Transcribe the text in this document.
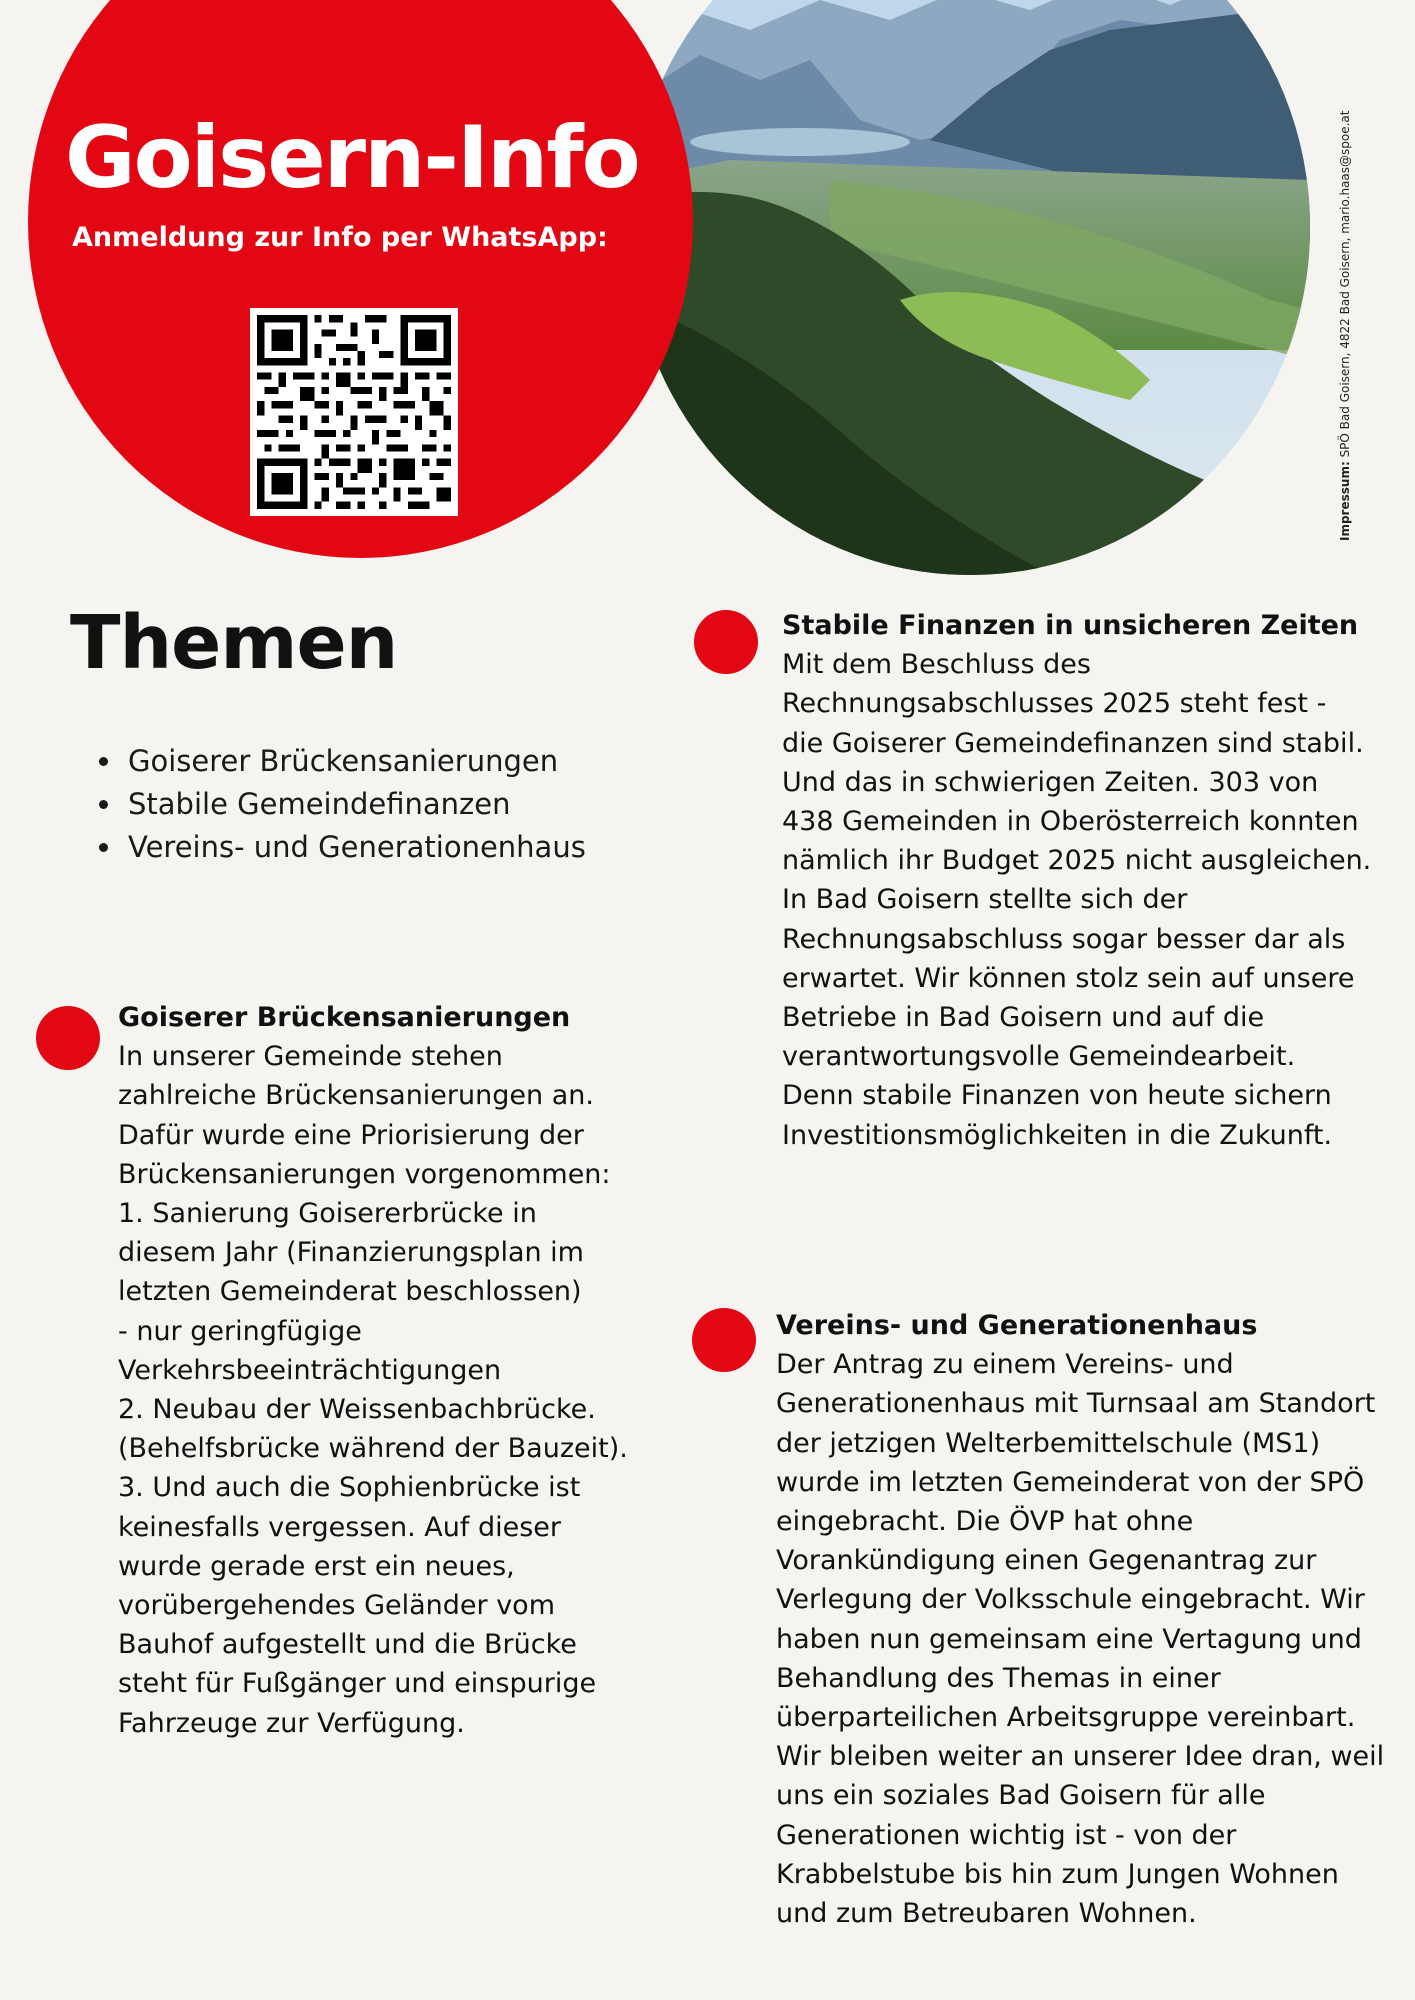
Goisern-Info
Anmeldung zur Info per WhatsApp:
Impressum: SPÖ Bad Goisern, 4822 Bad Goisern, mario.haas@spoe.at
Themen
• Goiserer Brückensanierungen
• Stabile Gemeindefinanzen
• Vereins- und Generationenhaus
Goiserer Brückensanierungen

In unserer Gemeinde stehen zahlreiche Brückensanierungen an. Dafür wurde eine Priorisierung der Brückensanierungen vorgenommen:
1. Sanierung Goisererbrücke in diesem Jahr (Finanzierungsplan im letzten Gemeinderat beschlossen)
- nur geringfügige Verkehrsbeeinträchtigungen
2. Neubau der Weissenbachbrücke. (Behelfsbrücke während der Bauzeit).
3. Und auch die Sophienbrücke ist keinesfalls vergessen. Auf dieser wurde gerade erst ein neues, vorübergehendes Geländer vom Bauhof aufgestellt und die Brücke steht für Fußgänger und einspurige Fahrzeuge zur Verfügung.

Stabile Finanzen in unsicheren Zeiten

Mit dem Beschluss des Rechnungsabschlusses 2025 steht fest - die Goiserer Gemeindefinanzen sind stabil. Und das in schwierigen Zeiten. 303 von 438 Gemeinden in Oberösterreich konnten nämlich ihr Budget 2025 nicht ausgleichen. In Bad Goisern stellte sich der Rechnungsabschluss sogar besser dar als erwartet. Wir können stolz sein auf unsere Betriebe in Bad Goisern und auf die verantwortungsvolle Gemeindearbeit. Denn stabile Finanzen von heute sichern Investitionsmöglichkeiten in die Zukunft.

Vereins- und Generationenhaus

Der Antrag zu einem Vereins- und Generationenhaus mit Turnsaal am Standort der jetzigen Welterbemittelschule (MS1) wurde im letzten Gemeinderat von der SPÖ eingebracht. Die ÖVP hat ohne Vorankündigung einen Gegenantrag zur Verlegung der Volksschule eingebracht. Wir haben nun gemeinsam eine Vertagung und Behandlung des Themas in einer überparteilichen Arbeitsgruppe vereinbart. Wir bleiben weiter an unserer Idee dran, weil uns ein soziales Bad Goisern für alle Generationen wichtig ist - von der Krabbelstube bis hin zum Jungen Wohnen und zum Betreubaren Wohnen.
